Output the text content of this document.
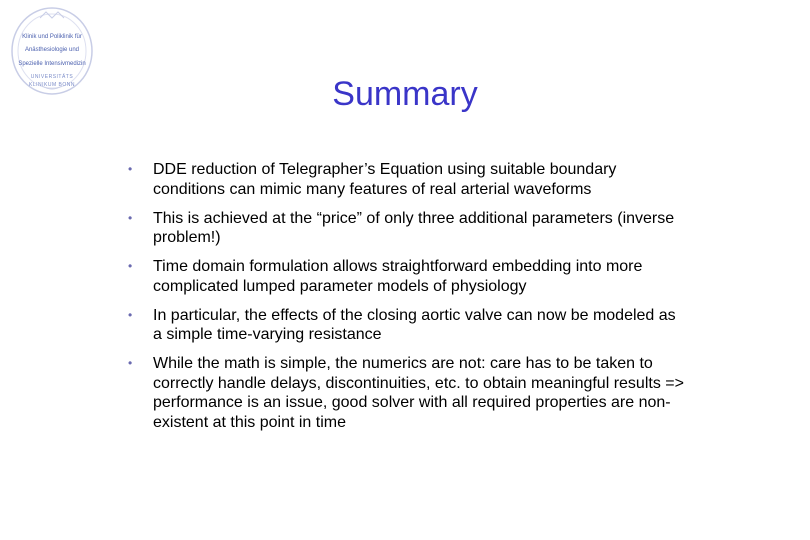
Klinik und Poliklinik für
Anästhesiologie und
Spezielle Intensivmedizin
UNIVERSITÄTS
KLINIKUM BONN	Summary
• DDE reduction of Telegrapher’s Equation using suitable boundary conditions can mimic many features of real arterial waveforms
• This is achieved at the “price” of only three additional parameters (inverse problem!)
• Time domain formulation allows straightforward embedding into more complicated lumped parameter models of physiology
• In particular, the effects of the closing aortic valve can now be modeled as a simple time-varying resistance
• While the math is simple, the numerics are not: care has to be taken to correctly handle delays, discontinuities, etc. to obtain meaningful results => performance is an issue, good solver with all required properties are non-existent at this point in time
